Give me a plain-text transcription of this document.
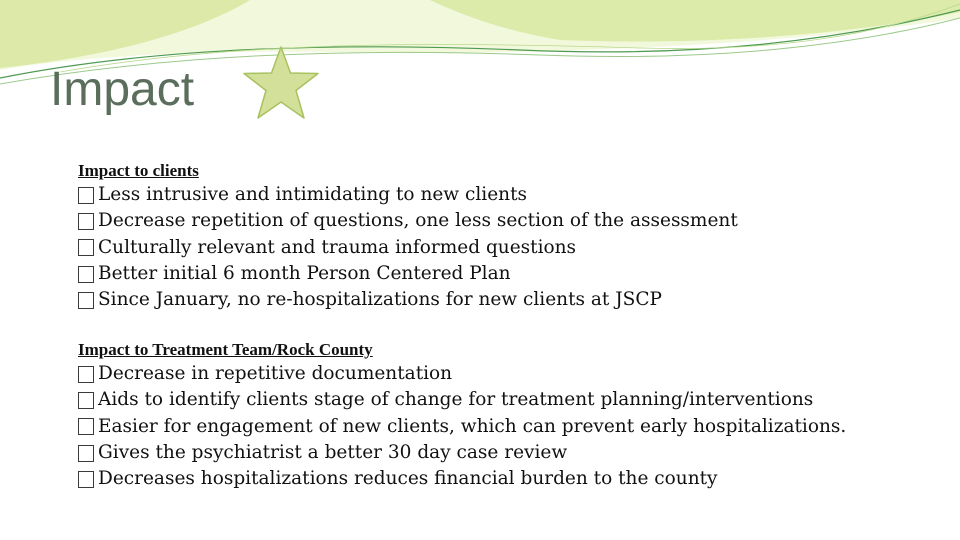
Impact
Impact to clients
Less intrusive and intimidating to new clients
Decrease repetition of questions, one less section of the assessment
Culturally relevant and trauma informed questions
Better initial 6 month Person Centered Plan
Since January, no re-hospitalizations for new clients at JSCP
Impact to Treatment Team/Rock County
Decrease in repetitive documentation
Aids to identify clients stage of change for treatment planning/interventions
Easier for engagement of new clients, which can prevent early hospitalizations.
Gives the psychiatrist a better 30 day case review
Decreases hospitalizations reduces financial burden to the county
